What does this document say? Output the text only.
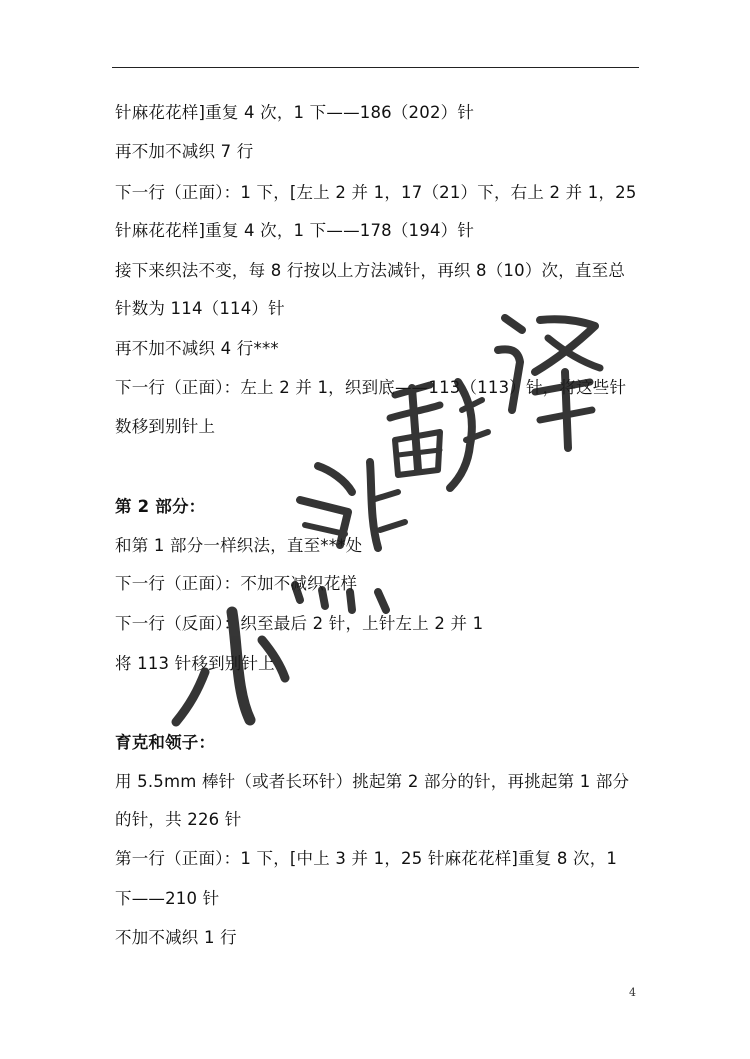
针麻花花样]重复 4 次，1 下——186（202）针
再不加不减织 7 行
下一行（正面）：1 下，[左上 2 并 1，17（21）下，右上 2 并 1，25
针麻花花样]重复 4 次，1 下——178（194）针
接下来织法不变，每 8 行按以上方法减针，再织 8（10）次，直至总
针数为 114（114）针
再不加不减织 4 行***
下一行（正面）：左上 2 并 1，织到底——113（113）针，将这些针
数移到别针上
第 2 部分：
和第 1 部分一样织法，直至***处
下一行（正面）：不加不减织花样
下一行（反面）：织至最后 2 针，上针左上 2 并 1
将 113 针移到别针上
育克和领子：
用 5.5mm 棒针（或者长环针）挑起第 2 部分的针，再挑起第 1 部分
的针，共 226 针
第一行（正面）：1 下，[中上 3 并 1，25 针麻花花样]重复 8 次，1
下——210 针
不加不减织 1 行
4
